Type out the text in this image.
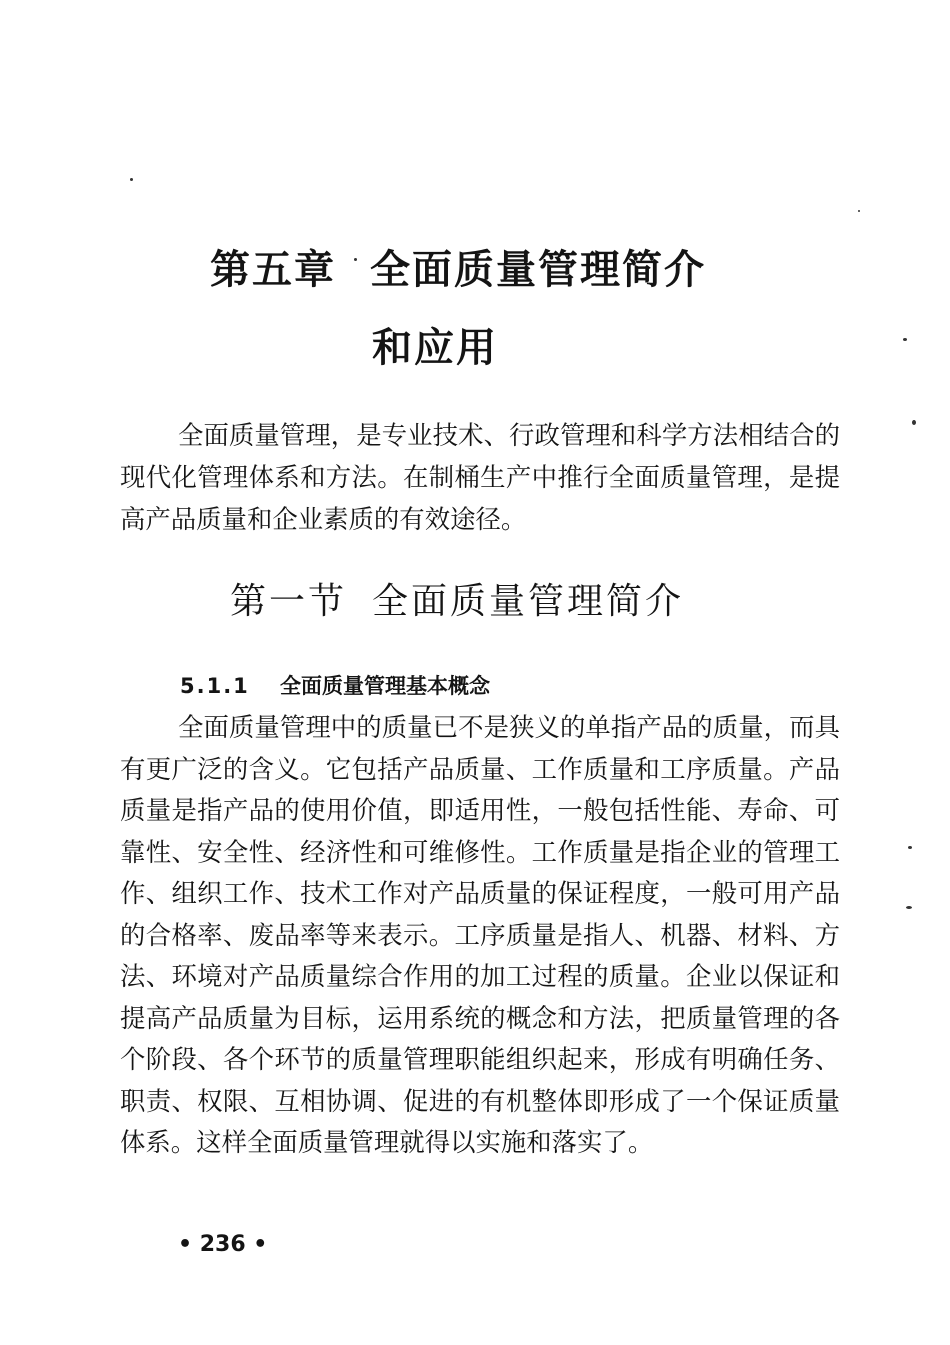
第五章 全面质量管理简介
和应用

全面质量管理，是专业技术、行政管理和科学方法相结合的现代化管理体系和方法。在制桶生产中推行全面质量管理，是提高产品质量和企业素质的有效途径。

第一节 全面质量管理简介
5.1.1 全面质量管理基本概念

全面质量管理中的质量已不是狭义的单指产品的质量，而具有更广泛的含义。它包括产品质量、工作质量和工序质量。产品质量是指产品的使用价值，即适用性，一般包括性能、寿命、可靠性、安全性、经济性和可维修性。工作质量是指企业的管理工作、组织工作、技术工作对产品质量的保证程度，一般可用产品的合格率、废品率等来表示。工序质量是指人、机器、材料、方法、环境对产品质量综合作用的加工过程的质量。企业以保证和提高产品质量为目标，运用系统的概念和方法，把质量管理的各个阶段、各个环节的质量管理职能组织起来，形成有明确任务、职责、权限、互相协调、促进的有机整体即形成了一个保证质量体系。这样全面质量管理就得以实施和落实了。

• 236 •
